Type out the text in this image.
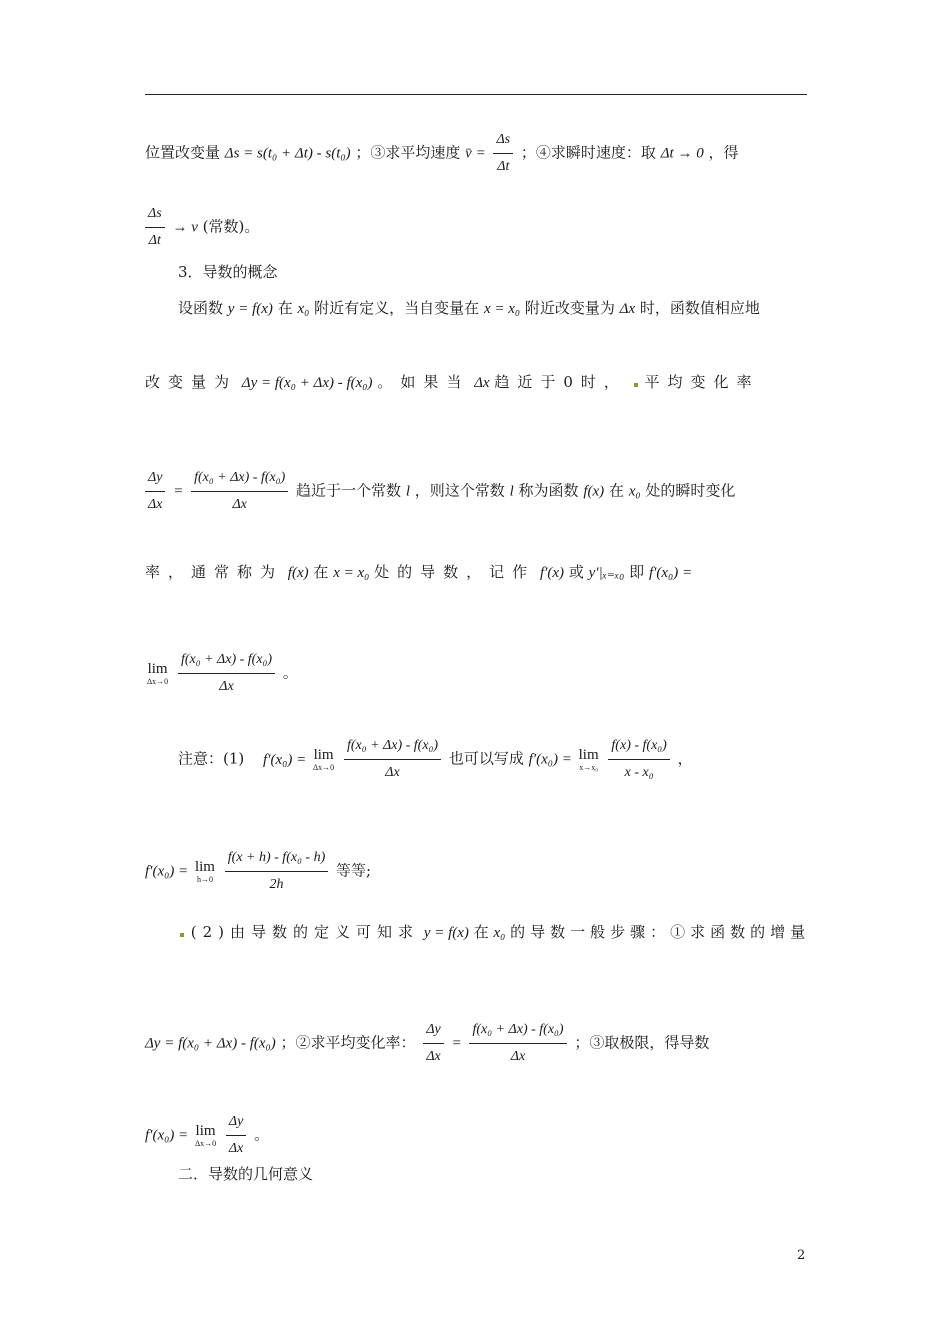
位置改变量 Δs = s(t₀ + Δt) - s(t₀) ；③求平均速度 v̄ = $\frac{\Delta s}{\Delta t}$ ；④求瞬时速度：取 Δt → 0 ，得
$\frac{\Delta s}{\Delta t} \to v$ (常数)。
3．导数的概念
设函数 y = f(x) 在 x₀ 附近有定义，当自变量在 x = x₀ 附近改变量为 Δx 时，函数值相应地
改变量为 Δy = f(x₀ + Δx) - f(x₀) 。如果当 Δx 趋近于0时， 平均变化率
$\frac{\Delta y}{\Delta x} = \frac{\text{f(x₀ + Δx) - f(x₀)}}{\Delta x}$ 趋近于一个常数 l ，则这个常数 l 称为函数 f(x) 在 x₀ 处的瞬时变化
率，通常称为 f(x) 在 x = x₀ 处的导数，记作 f′(x) 或 y′|ₓ₌ₓ₀ 即 f′(x₀) =
lim
Δx→0
$\frac{\text{f(x₀ + Δx) - f(x₀)}}{\Delta x}$ 。
注意：(1) f′(x₀) = lim
Δx→0
$\frac{\text{f(x₀ + Δx) - f(x₀)}}{\Delta x}$ 也可以写成 f′(x₀) = lim
x→x₀
$\frac{\text{f(x) - f(x₀)}}{\text{x - x₀}}$ ，
f′(x₀) = lim
h→0
$\frac{\text{f(x + h) - f(x₀ - h)}}{2h}$ 等等;
(2)由导数的定义可知求 y = f(x) 在 x₀ 的导数一般步骤：①求函数的增量
Δy = f(x₀ + Δx) - f(x₀) ；②求平均变化率： $\frac{\Delta y}{\Delta x} = \frac{\text{f(x₀ + Δx) - f(x₀)}}{\Delta x}$ ；③取极限，得导数
f′(x₀) = lim
Δx→0
$\frac{\Delta y}{\Delta x}$ 。
二．导数的几何意义
2
